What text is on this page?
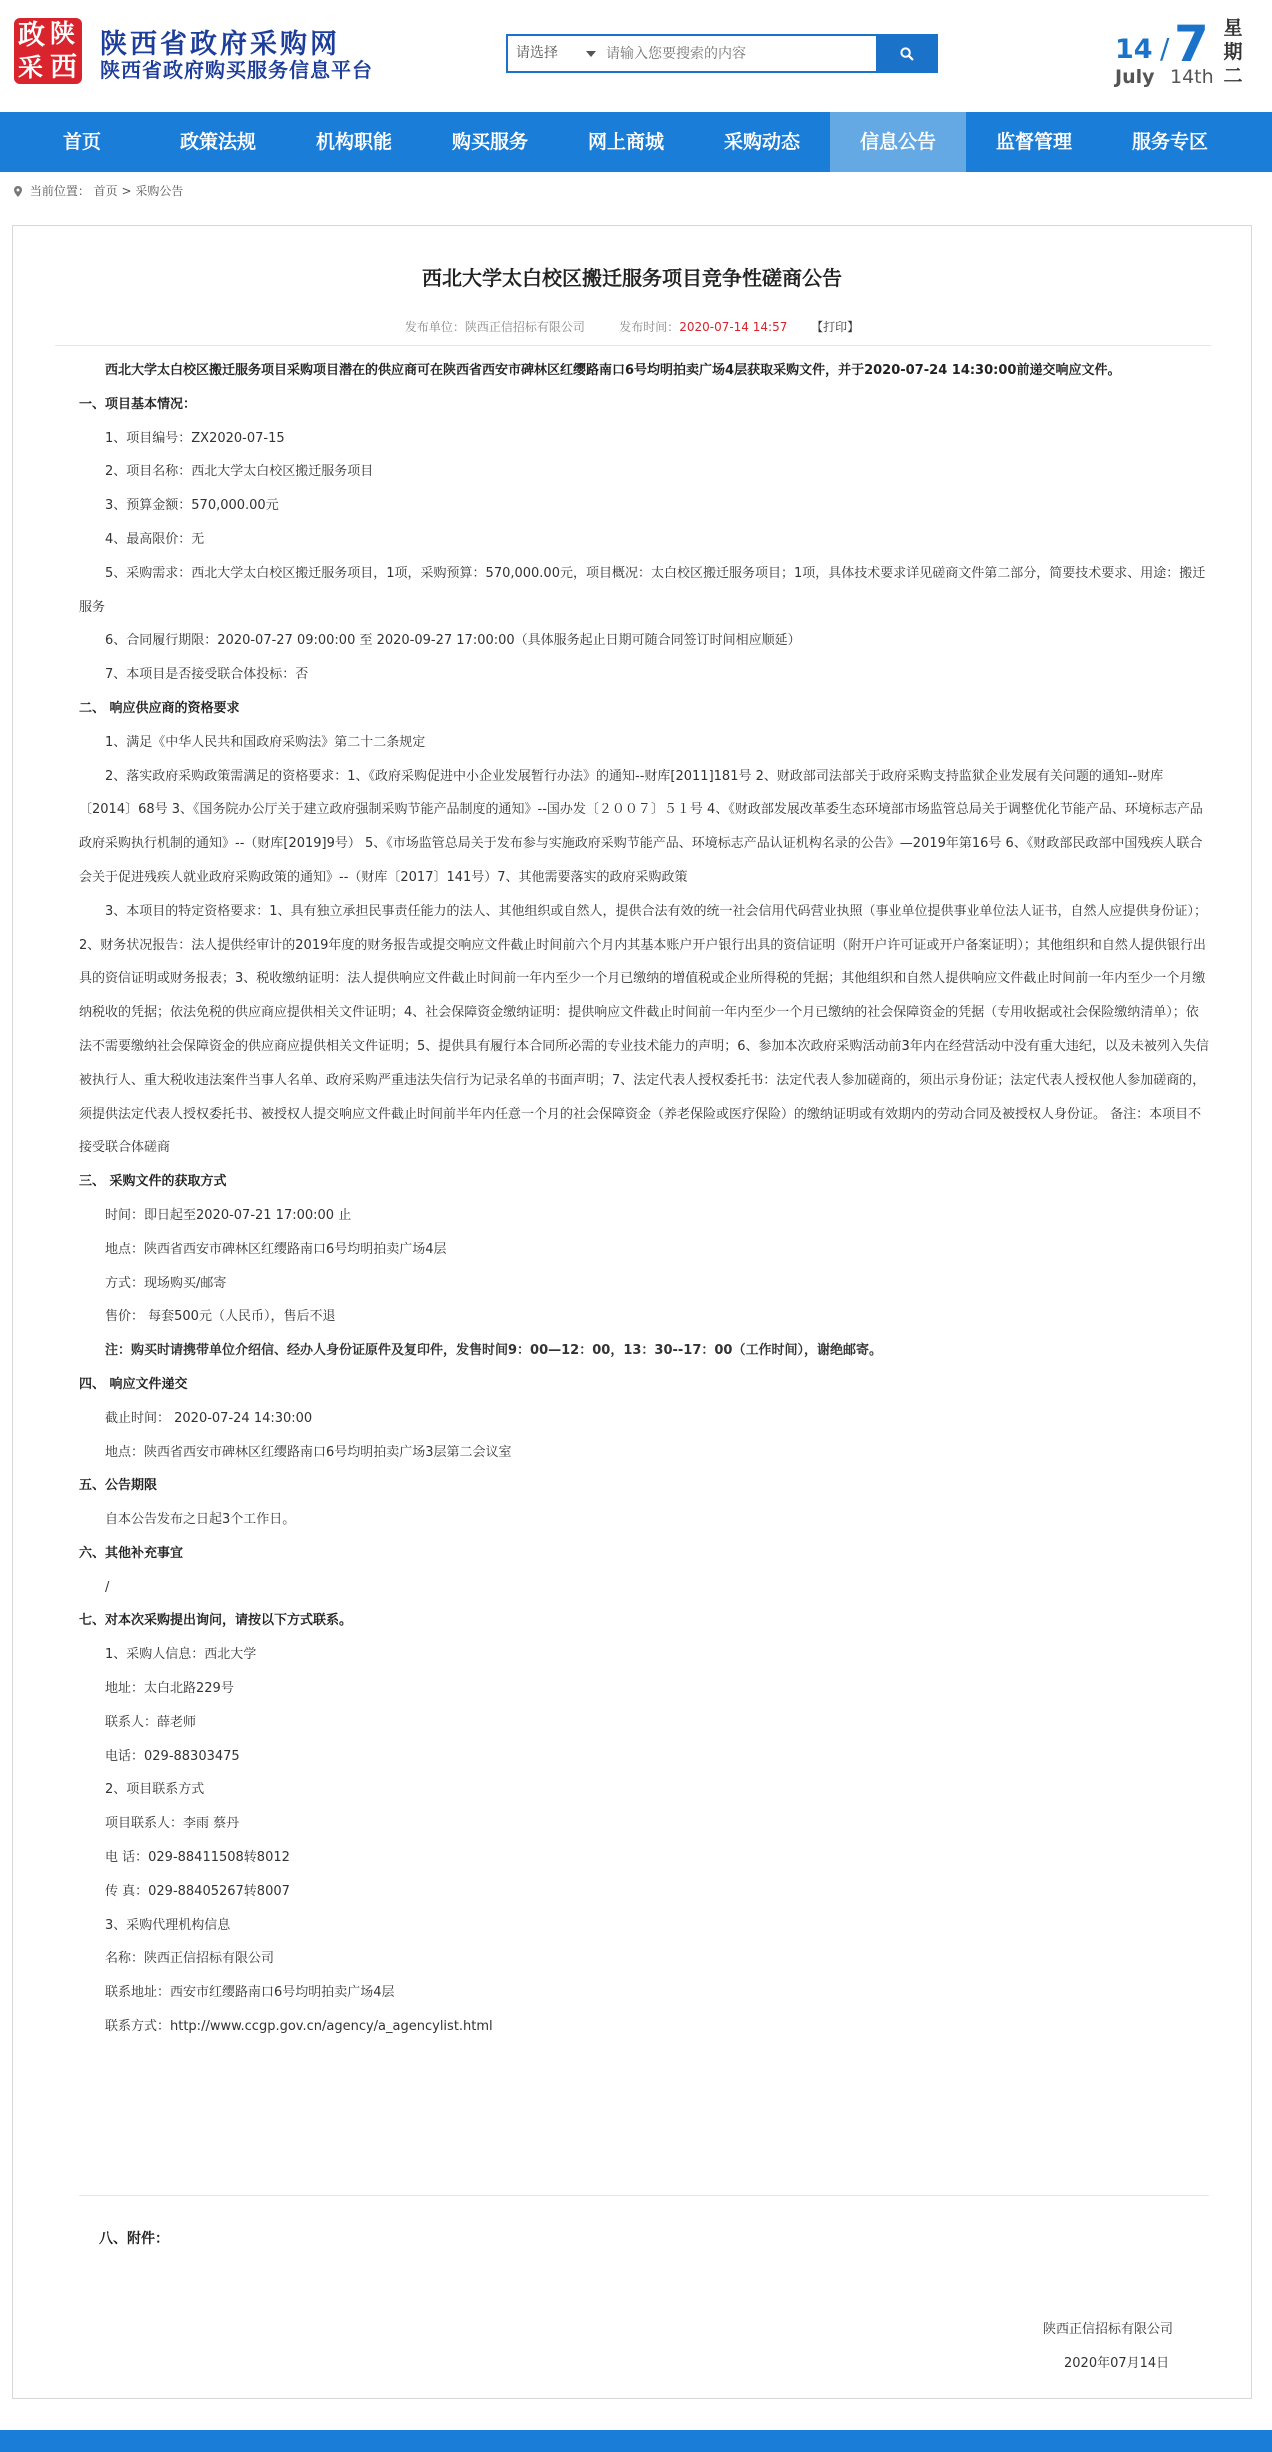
政 陕
采 西
陕西省政府采购网
陕西省政府购买服务信息平台
请选择
请输入您要搜索的内容	14 / 7
July 14th
星期二
首页	政策法规	机构职能	购买服务	网上商城	采购动态	信息公告	监督管理	服务专区
当前位置： 首页 > 采购公告
西北大学太白校区搬迁服务项目竞争性磋商公告
发布单位：陕西正信招标有限公司	发布时间：2020-07-14 14:57 【打印】

西北大学太白校区搬迁服务项目采购项目潜在的供应商可在陕西省西安市碑林区红缨路南口6号均明拍卖广场4层获取采购文件，并于2020-07-24 14:30:00前递交响应文件。

一、项目基本情况：

1、项目编号：ZX2020-07-15

2、项目名称：西北大学太白校区搬迁服务项目

3、预算金额：570,000.00元

4、最高限价：无

5、采购需求：西北大学太白校区搬迁服务项目，1项，采购预算：570,000.00元，项目概况：太白校区搬迁服务项目；1项，具体技术要求详见磋商文件第二部分，简要技术要求、用途：搬迁服务

6、合同履行期限：2020-07-27 09:00:00 至 2020-09-27 17:00:00（具体服务起止日期可随合同签订时间相应顺延）

7、本项目是否接受联合体投标：否

二、 响应供应商的资格要求

1、满足《中华人民共和国政府采购法》第二十二条规定

2、落实政府采购政策需满足的资格要求：1、《政府采购促进中小企业发展暂行办法》的通知--财库[2011]181号 2、财政部司法部关于政府采购支持监狱企业发展有关问题的通知--财库〔2014〕68号 3、《国务院办公厅关于建立政府强制采购节能产品制度的通知》--国办发〔２００７〕５１号 4、《财政部发展改革委生态环境部市场监管总局关于调整优化节能产品、环境标志产品政府采购执行机制的通知》--（财库[2019]9号） 5、《市场监管总局关于发布参与实施政府采购节能产品、环境标志产品认证机构名录的公告》—2019年第16号 6、《财政部民政部中国残疾人联合会关于促进残疾人就业政府采购政策的通知》--（财库〔2017〕141号）7、其他需要落实的政府采购政策

3、本项目的特定资格要求：1、具有独立承担民事责任能力的法人、其他组织或自然人，提供合法有效的统一社会信用代码营业执照（事业单位提供事业单位法人证书，自然人应提供身份证）；2、财务状况报告：法人提供经审计的2019年度的财务报告或提交响应文件截止时间前六个月内其基本账户开户银行出具的资信证明（附开户许可证或开户备案证明）；其他组织和自然人提供银行出具的资信证明或财务报表；3、税收缴纳证明：法人提供响应文件截止时间前一年内至少一个月已缴纳的增值税或企业所得税的凭据；其他组织和自然人提供响应文件截止时间前一年内至少一个月缴纳税收的凭据；依法免税的供应商应提供相关文件证明；4、社会保障资金缴纳证明：提供响应文件截止时间前一年内至少一个月已缴纳的社会保障资金的凭据（专用收据或社会保险缴纳清单）；依法不需要缴纳社会保障资金的供应商应提供相关文件证明；5、提供具有履行本合同所必需的专业技术能力的声明；6、参加本次政府采购活动前3年内在经营活动中没有重大违纪，以及未被列入失信被执行人、重大税收违法案件当事人名单、政府采购严重违法失信行为记录名单的书面声明；7、法定代表人授权委托书：法定代表人参加磋商的，须出示身份证；法定代表人授权他人参加磋商的，须提供法定代表人授权委托书、被授权人提交响应文件截止时间前半年内任意一个月的社会保障资金（养老保险或医疗保险）的缴纳证明或有效期内的劳动合同及被授权人身份证。 备注：本项目不接受联合体磋商

三、 采购文件的获取方式

时间：即日起至2020-07-21 17:00:00 止

地点：陕西省西安市碑林区红缨路南口6号均明拍卖广场4层

方式：现场购买/邮寄

售价： 每套500元（人民币），售后不退

注：购买时请携带单位介绍信、经办人身份证原件及复印件，发售时间9：00—12：00，13：30--17：00（工作时间），谢绝邮寄。

四、 响应文件递交

截止时间： 2020-07-24 14:30:00

地点：陕西省西安市碑林区红缨路南口6号均明拍卖广场3层第二会议室

五、公告期限

自本公告发布之日起3个工作日。

六、其他补充事宜

/

七、对本次采购提出询问，请按以下方式联系。

1、采购人信息：西北大学

地址：太白北路229号

联系人：薛老师

电话：029-88303475

2、项目联系方式

项目联系人：李雨 蔡丹

电 话：029-88411508转8012

传 真：029-88405267转8007

3、采购代理机构信息

名称：陕西正信招标有限公司

联系地址：西安市红缨路南口6号均明拍卖广场4层

联系方式：http://www.ccgp.gov.cn/agency/a_agencylist.html

八、附件：
陕西正信招标有限公司
2020年07月14日
